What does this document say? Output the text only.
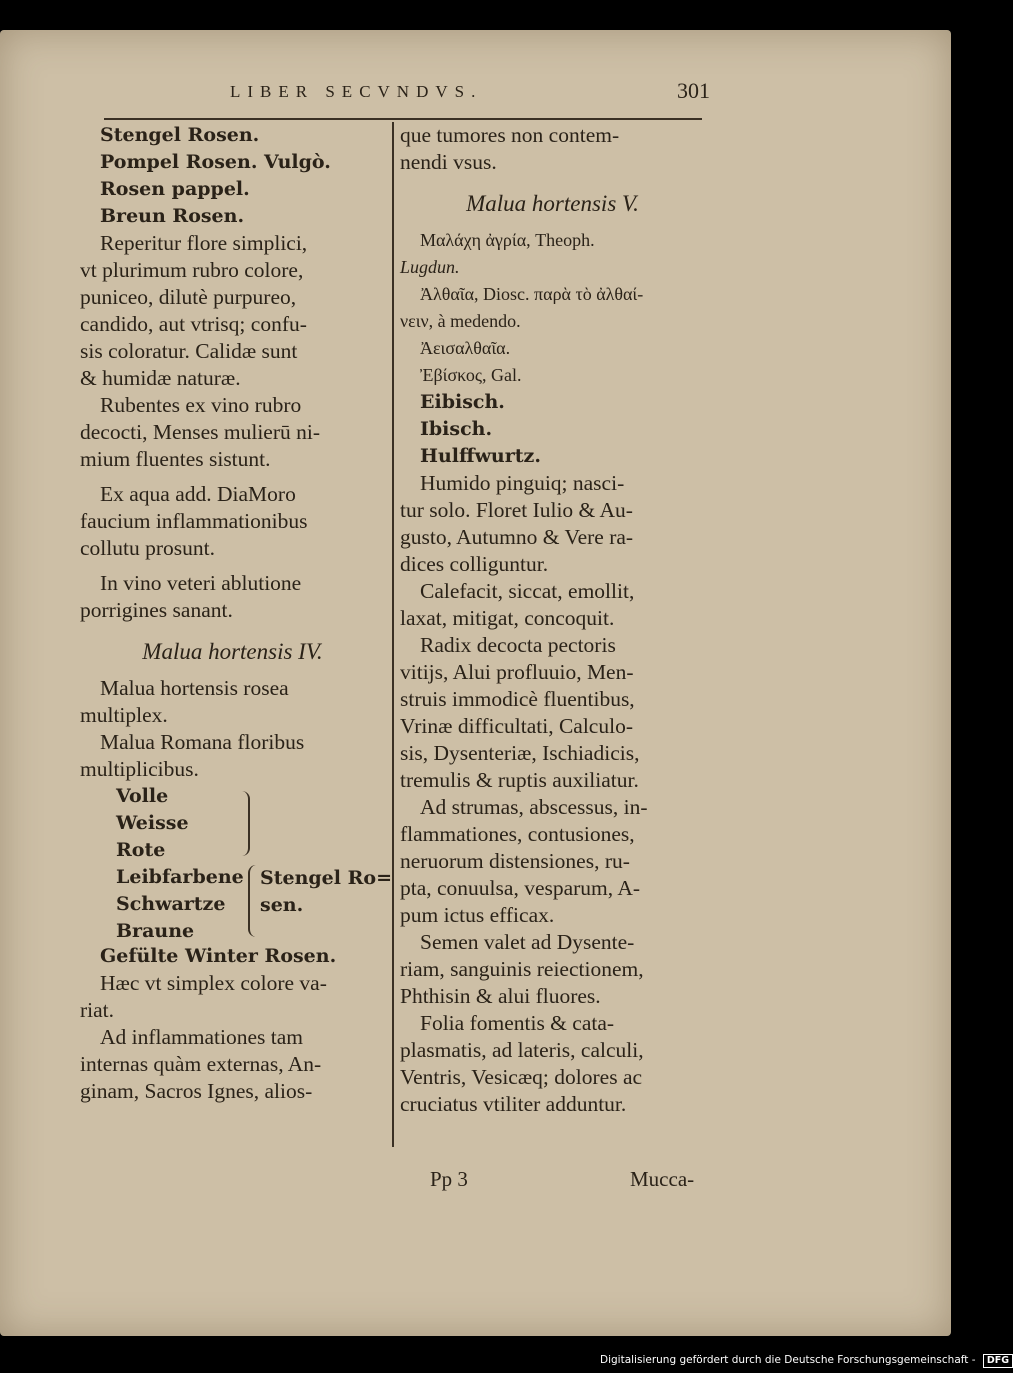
LIBER SECVNDVS.	301
Stengel Rosen.
Pompel Rosen. Vulgò.
Rosen pappel.
Breun Rosen.
Reperitur flore simplici,
vt plurimum rubro colore,
puniceo, dilutè purpureo,
candido, aut vtrisq; confu-
sis coloratur. Calidæ sunt
& humidæ naturæ.
Rubentes ex vino rubro
decocti, Menses mulierū ni-
mium fluentes sistunt.
Ex aqua add. DiaMoro
faucium inflammationibus
collutu prosunt.
In vino veteri ablutione
porrigines sanant.
Malua hortensis IV.
Malua hortensis rosea
multiplex.
Malua Romana floribus
multiplicibus.
Volle
Weisse
Rote
Leibfarbene
Schwartze
Braune
Stengel Ro=
sen.
Gefülte Winter Rosen.
Hæc vt simplex colore va-
riat.
Ad inflammationes tam
internas quàm externas, An-
ginam, Sacros Ignes, alios-
que tumores non contem-
nendi vsus.
Malua hortensis V.
Μαλάχη ἀγρία, Theoph.
Lugdun.
Ἀλθαῖα, Diosc. παρὰ τὸ ἀλθαί-
νειν, à medendo.
Ἀεισαλθαῖα.
Ἐβίσκος, Gal.
Eibisch.
Ibisch.
Hulffwurtz.
Humido pinguiq; nasci-
tur solo. Floret Iulio & Au-
gusto, Autumno & Vere ra-
dices colliguntur.
Calefacit, siccat, emollit,
laxat, mitigat, concoquit.
Radix decocta pectoris
vitijs, Alui profluuio, Men-
struis immodicè fluentibus,
Vrinæ difficultati, Calculo-
sis, Dysenteriæ, Ischiadicis,
tremulis & ruptis auxiliatur.
Ad strumas, abscessus, in-
flammationes, contusiones,
neruorum distensiones, ru-
pta, conuulsa, vesparum, A-
pum ictus efficax.
Semen valet ad Dysente-
riam, sanguinis reiectionem,
Phthisin & alui fluores.
Folia fomentis & cata-
plasmatis, ad lateris, calculi,
Ventris, Vesicæq; dolores ac
cruciatus vtiliter adduntur.
Pp 3	Mucca-
Digitalisierung gefördert durch die Deutsche Forschungsgemeinschaft - DFG
